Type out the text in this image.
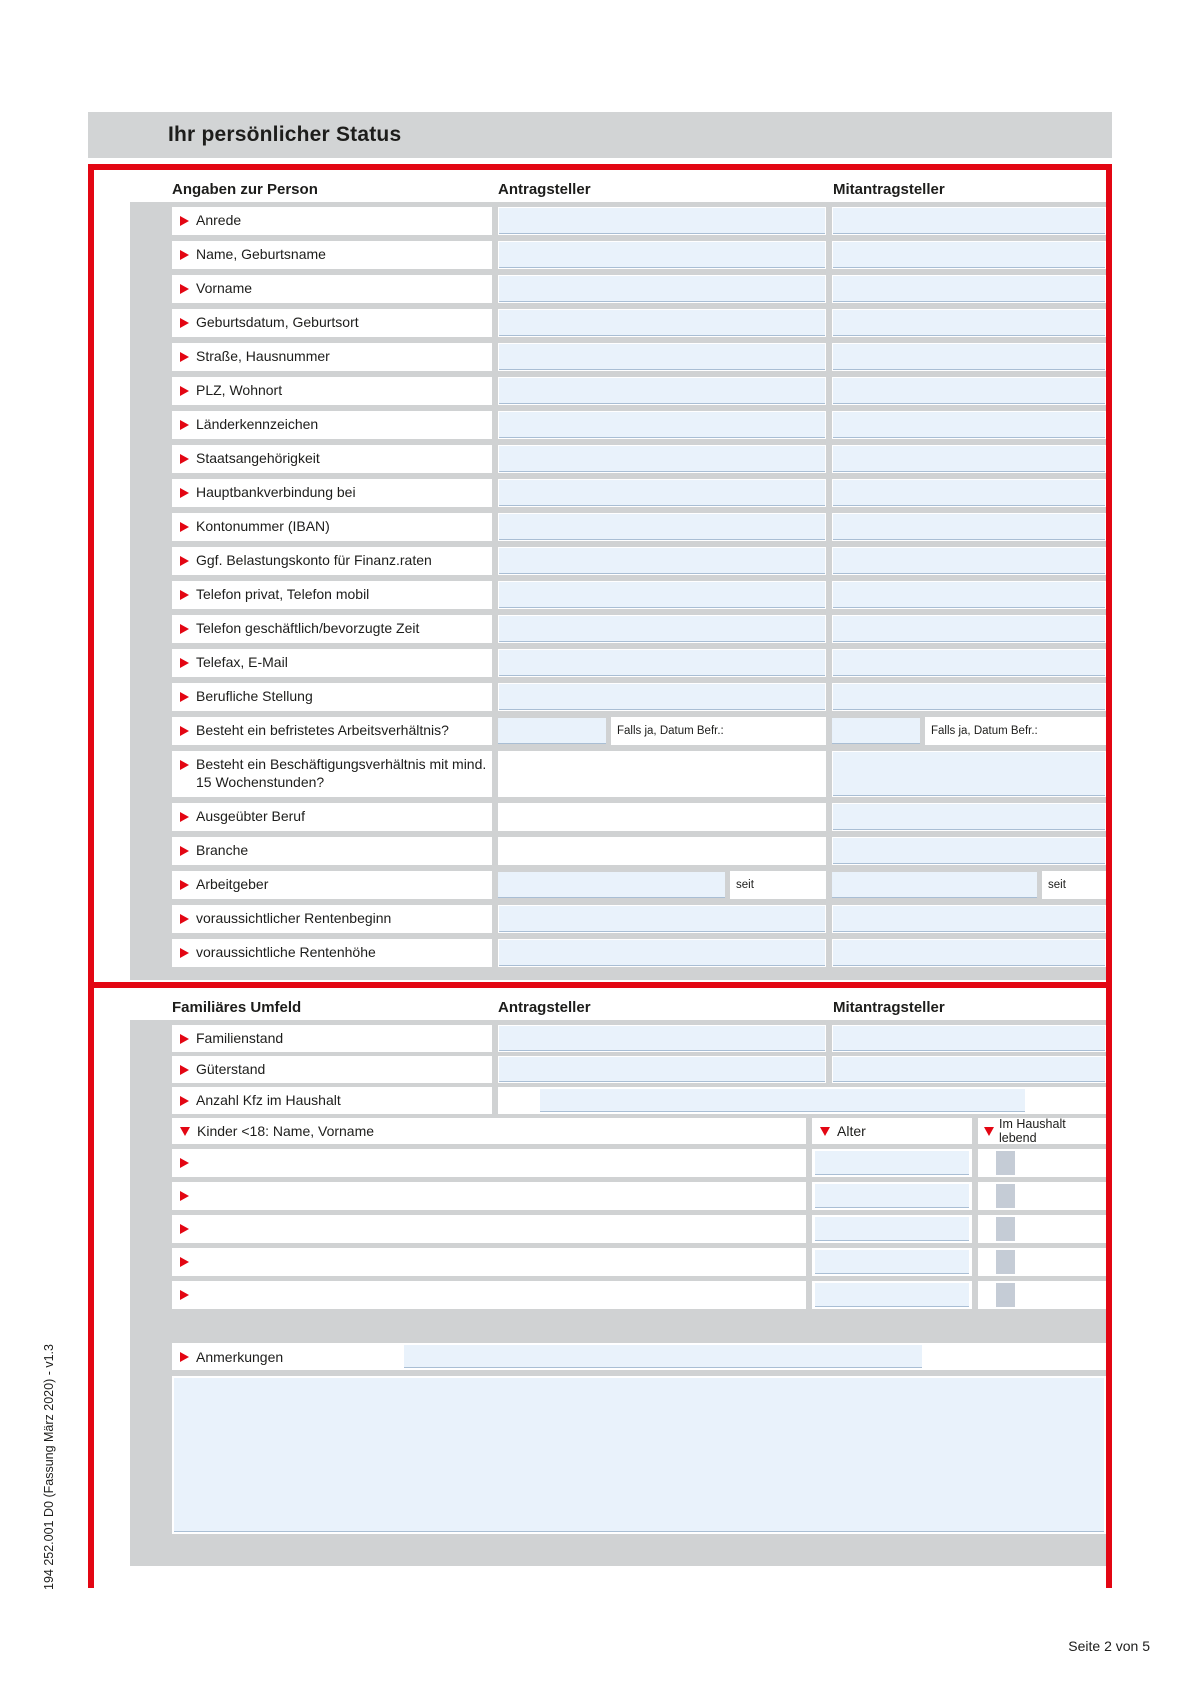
Ihr persönlicher Status
Angaben zur Person	Antragsteller	Mitantragsteller
Anrede
Name, Geburtsname
Vorname
Geburtsdatum, Geburtsort
Straße, Hausnummer
PLZ, Wohnort
Länderkennzeichen
Staatsangehörigkeit
Hauptbankverbindung bei
Kontonummer (IBAN)
Ggf. Belastungskonto für Finanz.raten
Telefon privat, Telefon mobil
Telefon geschäftlich/bevorzugte Zeit
Telefax, E-Mail
Berufliche Stellung
Besteht ein befristetes Arbeitsverhältnis?	Falls ja, Datum Befr.:	Falls ja, Datum Befr.:
Besteht ein Beschäftigungsverhältnis mit mind. 15 Wochenstunden?
Ausgeübter Beruf
Branche
Arbeitgeber	seit	seit
voraussichtlicher Rentenbeginn
voraussichtliche Rentenhöhe
Familiäres Umfeld	Antragsteller	Mitantragsteller
Familienstand
Güterstand
Anzahl Kfz im Haushalt
Kinder <18: Name, Vorname	Alter	Im Haushalt lebend
Anmerkungen
194 252.001 D0 (Fassung März 2020) - v1.3
Seite 2 von 5
